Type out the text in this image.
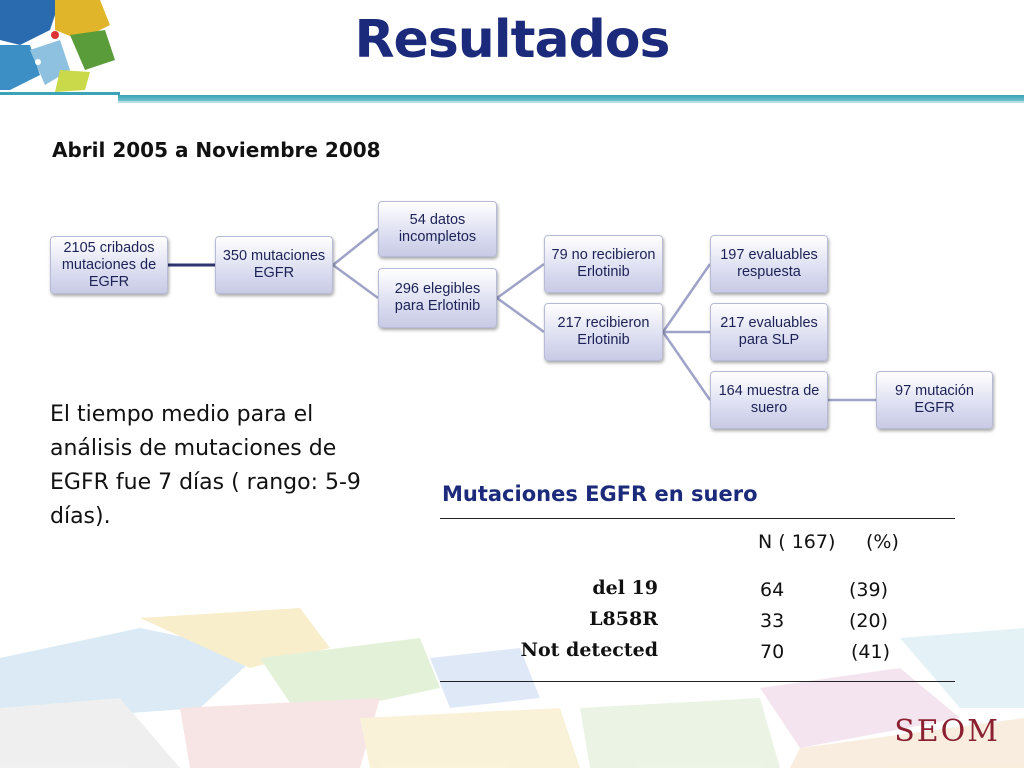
Resultados
Abril 2005 a Noviembre 2008
2105 cribados mutaciones de EGFR
350 mutaciones EGFR
54 datos incompletos
296 elegibles para Erlotinib
79 no recibieron Erlotinib
217 recibieron Erlotinib
197 evaluables respuesta
217 evaluables para SLP
164 muestra de suero
97 mutación EGFR
El tiempo medio para el análisis de mutaciones de EGFR fue 7 días ( rango: 5-9 días).
Mutaciones EGFR en suero
N ( 167) (%)
del 19	64	(39)
L858R	33	(20)
Not detected	70	(41)
SEOM
